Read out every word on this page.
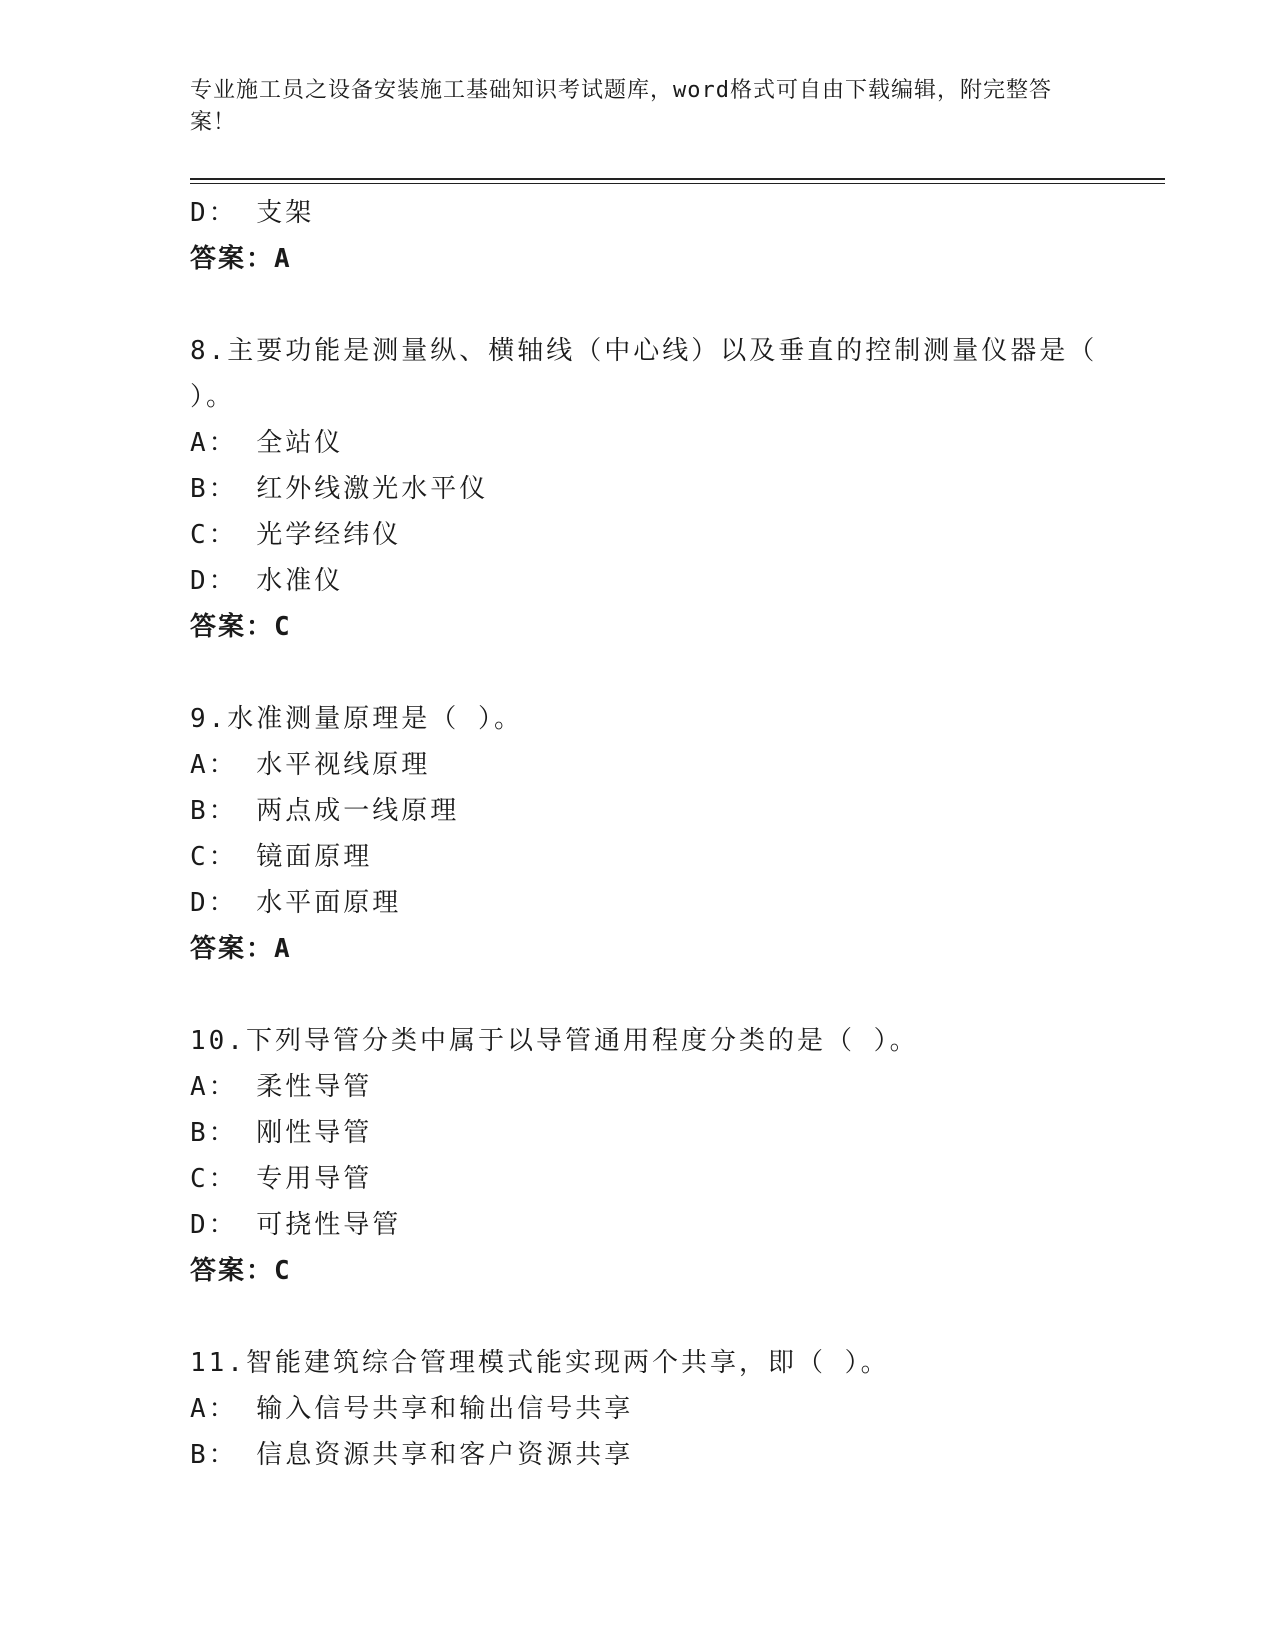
专业施工员之设备安装施工基础知识考试题库，word格式可自由下载编辑，附完整答案！
D： 支架
答案：A
8.主要功能是测量纵、横轴线（中心线）以及垂直的控制测量仪器是（ ）。
A： 全站仪
B： 红外线激光水平仪
C： 光学经纬仪
D： 水准仪
答案：C
9.水准测量原理是（ ）。
A： 水平视线原理
B： 两点成一线原理
C： 镜面原理
D： 水平面原理
答案：A
10.下列导管分类中属于以导管通用程度分类的是（ ）。
A： 柔性导管
B： 刚性导管
C： 专用导管
D： 可挠性导管
答案：C
11.智能建筑综合管理模式能实现两个共享，即（ ）。
A： 输入信号共享和输出信号共享
B： 信息资源共享和客户资源共享
